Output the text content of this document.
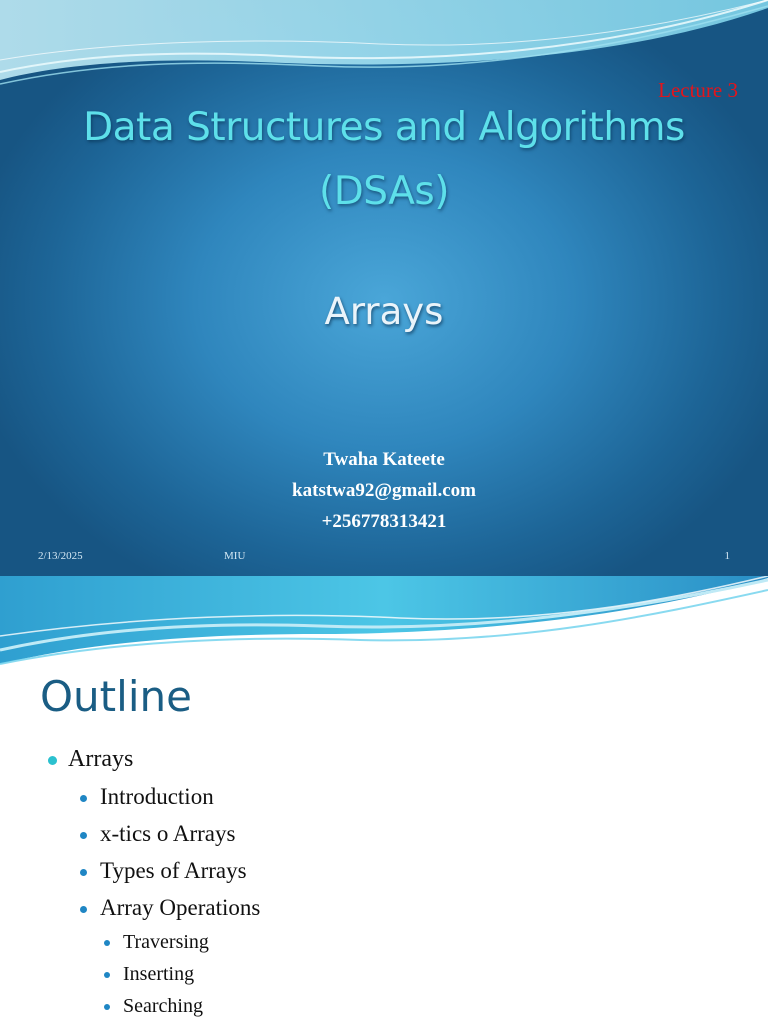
Lecture 3
Data Structures and Algorithms
(DSAs)
Arrays
Twaha Kateete
katstwa92@gmail.com
+256778313421
2/13/2025	MIU	1
Outline
Arrays
Introduction
x-tics o Arrays
Types of Arrays
Array Operations
Traversing
Inserting
Searching
